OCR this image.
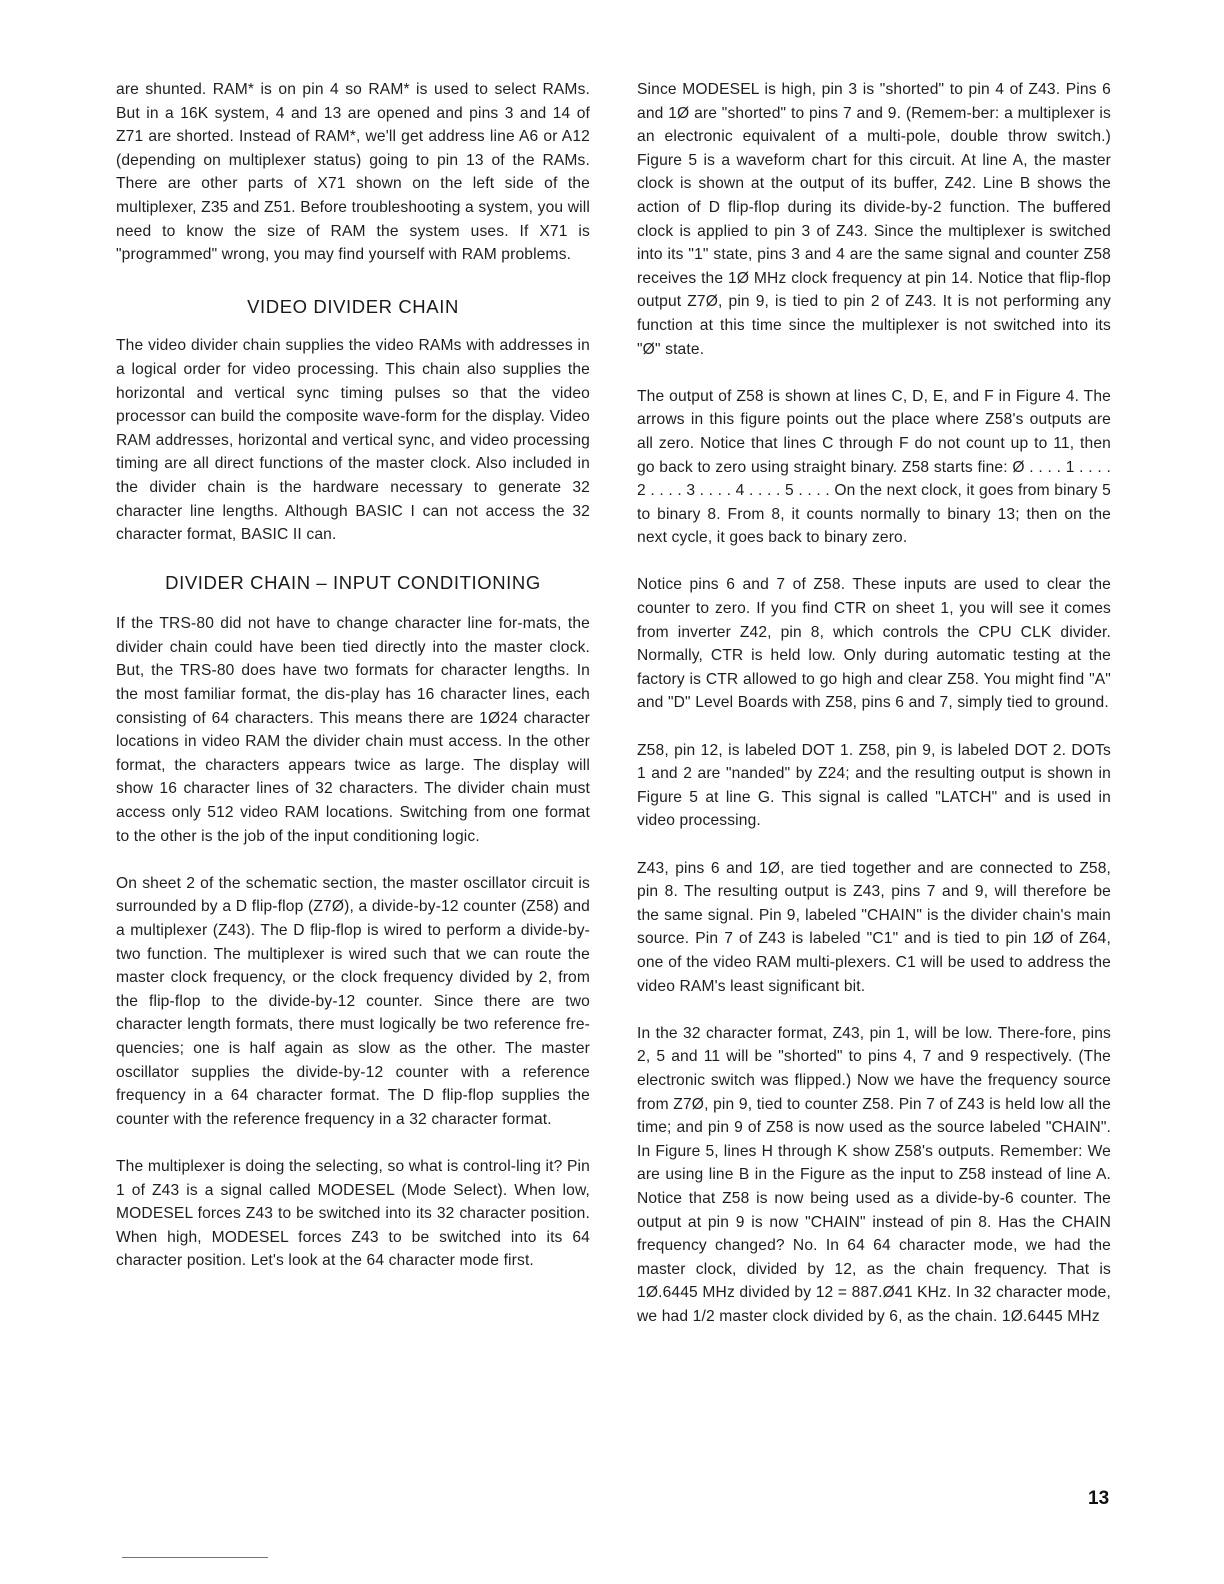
are shunted. RAM* is on pin 4 so RAM* is used to select RAMs. But in a 16K system, 4 and 13 are opened and pins 3 and 14 of Z71 are shorted. Instead of RAM*, we'll get address line A6 or A12 (depending on multiplexer status) going to pin 13 of the RAMs. There are other parts of X71 shown on the left side of the multiplexer, Z35 and Z51. Before troubleshooting a system, you will need to know the size of RAM the system uses. If X71 is "programmed" wrong, you may find yourself with RAM problems.

VIDEO DIVIDER CHAIN

The video divider chain supplies the video RAMs with addresses in a logical order for video processing. This chain also supplies the horizontal and vertical sync timing pulses so that the video processor can build the composite wave-form for the display. Video RAM addresses, horizontal and vertical sync, and video processing timing are all direct functions of the master clock. Also included in the divider chain is the hardware necessary to generate 32 character line lengths. Although BASIC I can not access the 32 character format, BASIC II can.

DIVIDER CHAIN – INPUT CONDITIONING

If the TRS-80 did not have to change character line for-mats, the divider chain could have been tied directly into the master clock. But, the TRS-80 does have two formats for character lengths. In the most familiar format, the dis-play has 16 character lines, each consisting of 64 characters. This means there are 1Ø24 character locations in video RAM the divider chain must access. In the other format, the characters appears twice as large. The display will show 16 character lines of 32 characters. The divider chain must access only 512 video RAM locations. Switching from one format to the other is the job of the input conditioning logic.

On sheet 2 of the schematic section, the master oscillator circuit is surrounded by a D flip-flop (Z7Ø), a divide-by-12 counter (Z58) and a multiplexer (Z43). The D flip-flop is wired to perform a divide-by-two function. The multiplexer is wired such that we can route the master clock frequency, or the clock frequency divided by 2, from the flip-flop to the divide-by-12 counter. Since there are two character length formats, there must logically be two reference fre-quencies; one is half again as slow as the other. The master oscillator supplies the divide-by-12 counter with a reference frequency in a 64 character format. The D flip-flop supplies the counter with the reference frequency in a 32 character format.

The multiplexer is doing the selecting, so what is control-ling it? Pin 1 of Z43 is a signal called MODESEL (Mode Select). When low, MODESEL forces Z43 to be switched into its 32 character position. When high, MODESEL forces Z43 to be switched into its 64 character position. Let's look at the 64 character mode first.

Since MODESEL is high, pin 3 is "shorted" to pin 4 of Z43. Pins 6 and 1Ø are "shorted" to pins 7 and 9. (Remem-ber: a multiplexer is an electronic equivalent of a multi-pole, double throw switch.) Figure 5 is a waveform chart for this circuit. At line A, the master clock is shown at the output of its buffer, Z42. Line B shows the action of D flip-flop during its divide-by-2 function. The buffered clock is applied to pin 3 of Z43. Since the multiplexer is switched into its "1" state, pins 3 and 4 are the same signal and counter Z58 receives the 1Ø MHz clock frequency at pin 14. Notice that flip-flop output Z7Ø, pin 9, is tied to pin 2 of Z43. It is not performing any function at this time since the multiplexer is not switched into its "Ø" state.

The output of Z58 is shown at lines C, D, E, and F in Figure 4. The arrows in this figure points out the place where Z58's outputs are all zero. Notice that lines C through F do not count up to 11, then go back to zero using straight binary. Z58 starts fine: Ø . . . . 1 . . . . 2 . . . . 3 . . . . 4 . . . . 5 . . . . On the next clock, it goes from binary 5 to binary 8. From 8, it counts normally to binary 13; then on the next cycle, it goes back to binary zero.

Notice pins 6 and 7 of Z58. These inputs are used to clear the counter to zero. If you find CTR on sheet 1, you will see it comes from inverter Z42, pin 8, which controls the CPU CLK divider. Normally, CTR is held low. Only during automatic testing at the factory is CTR allowed to go high and clear Z58. You might find "A" and "D" Level Boards with Z58, pins 6 and 7, simply tied to ground.

Z58, pin 12, is labeled DOT 1. Z58, pin 9, is labeled DOT 2. DOTs 1 and 2 are "nanded" by Z24; and the resulting output is shown in Figure 5 at line G. This signal is called "LATCH" and is used in video processing.

Z43, pins 6 and 1Ø, are tied together and are connected to Z58, pin 8. The resulting output is Z43, pins 7 and 9, will therefore be the same signal. Pin 9, labeled "CHAIN" is the divider chain's main source. Pin 7 of Z43 is labeled "C1" and is tied to pin 1Ø of Z64, one of the video RAM multi-plexers. C1 will be used to address the video RAM's least significant bit.

In the 32 character format, Z43, pin 1, will be low. There-fore, pins 2, 5 and 11 will be "shorted" to pins 4, 7 and 9 respectively. (The electronic switch was flipped.) Now we have the frequency source from Z7Ø, pin 9, tied to counter Z58. Pin 7 of Z43 is held low all the time; and pin 9 of Z58 is now used as the source labeled "CHAIN". In Figure 5, lines H through K show Z58's outputs. Remember: We are using line B in the Figure as the input to Z58 instead of line A. Notice that Z58 is now being used as a divide-by-6 counter. The output at pin 9 is now "CHAIN" instead of pin 8. Has the CHAIN frequency changed? No. In 64 64 character mode, we had the master clock, divided by 12, as the chain frequency. That is 1Ø.6445 MHz divided by 12 = 887.Ø41 KHz. In 32 character mode, we had 1/2 master clock divided by 6, as the chain. 1Ø.6445 MHz

13
